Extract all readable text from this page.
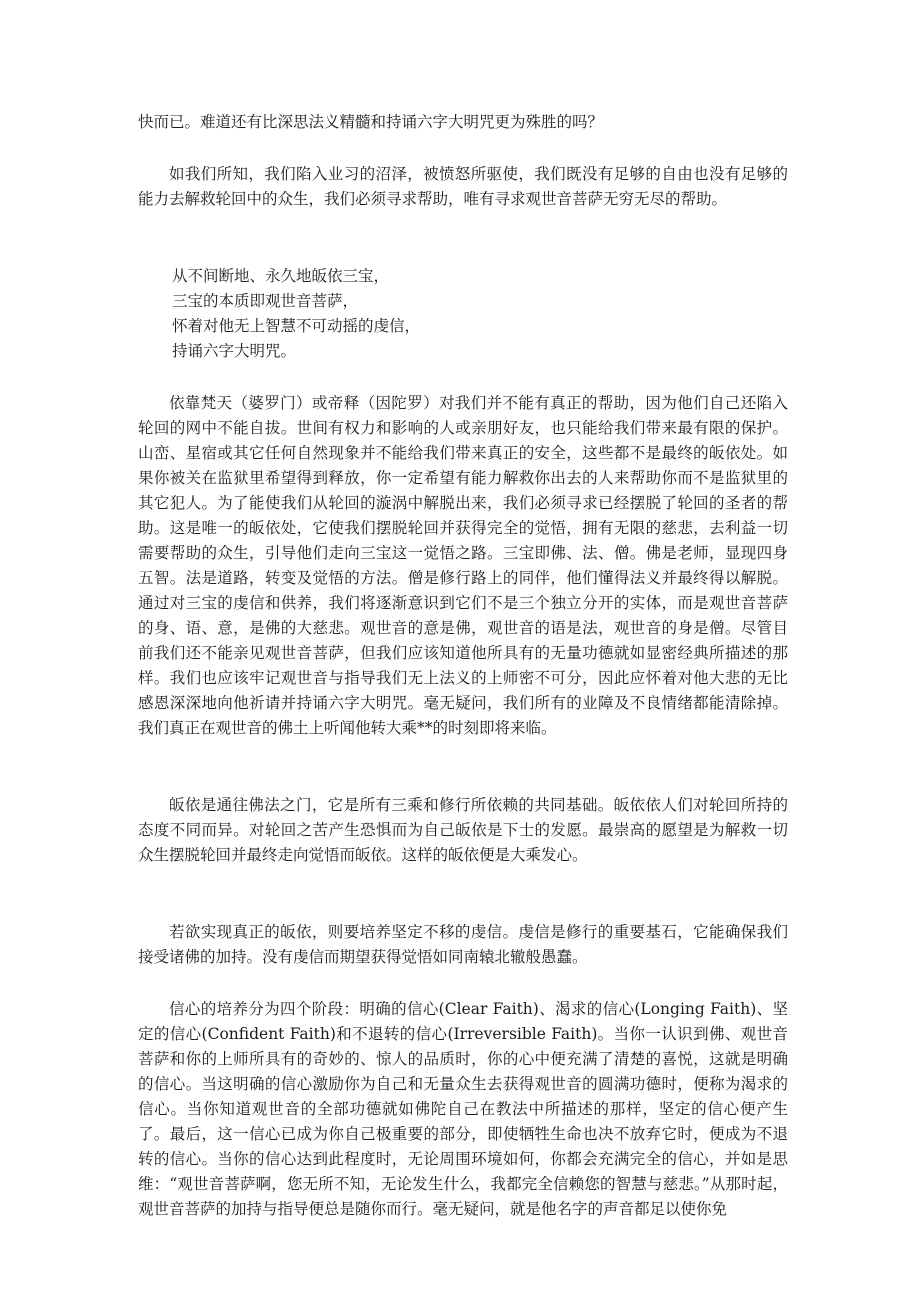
快而已。难道还有比深思法义精髓和持诵六字大明咒更为殊胜的吗？

如我们所知，我们陷入业习的沼泽，被愤怒所驱使，我们既没有足够的自由也没有足够的能力去解救轮回中的众生，我们必须寻求帮助，唯有寻求观世音菩萨无穷无尽的帮助。

从不间断地、永久地皈依三宝，
三宝的本质即观世音菩萨，
怀着对他无上智慧不可动摇的虔信，
持诵六字大明咒。

依靠梵天（婆罗门）或帝释（因陀罗）对我们并不能有真正的帮助，因为他们自己还陷入轮回的网中不能自拔。世间有权力和影响的人或亲朋好友，也只能给我们带来最有限的保护。山峦、星宿或其它任何自然现象并不能给我们带来真正的安全，这些都不是最终的皈依处。如果你被关在监狱里希望得到释放，你一定希望有能力解救你出去的人来帮助你而不是监狱里的其它犯人。为了能使我们从轮回的漩涡中解脱出来，我们必须寻求已经摆脱了轮回的圣者的帮助。这是唯一的皈依处，它使我们摆脱轮回并获得完全的觉悟，拥有无限的慈悲，去利益一切需要帮助的众生，引导他们走向三宝这一觉悟之路。三宝即佛、法、僧。佛是老师，显现四身五智。法是道路，转变及觉悟的方法。僧是修行路上的同伴，他们懂得法义并最终得以解脱。通过对三宝的虔信和供养，我们将逐渐意识到它们不是三个独立分开的实体，而是观世音菩萨的身、语、意，是佛的大慈悲。观世音的意是佛，观世音的语是法，观世音的身是僧。尽管目前我们还不能亲见观世音菩萨，但我们应该知道他所具有的无量功德就如显密经典所描述的那样。我们也应该牢记观世音与指导我们无上法义的上师密不可分，因此应怀着对他大悲的无比感恩深深地向他祈请并持诵六字大明咒。毫无疑问，我们所有的业障及不良情绪都能清除掉。我们真正在观世音的佛土上听闻他转大乘**的时刻即将来临。

皈依是通往佛法之门，它是所有三乘和修行所依赖的共同基础。皈依依人们对轮回所持的态度不同而异。对轮回之苦产生恐惧而为自己皈依是下士的发愿。最崇高的愿望是为解救一切众生摆脱轮回并最终走向觉悟而皈依。这样的皈依便是大乘发心。

若欲实现真正的皈依，则要培养坚定不移的虔信。虔信是修行的重要基石，它能确保我们接受诸佛的加持。没有虔信而期望获得觉悟如同南辕北辙般愚蠢。

信心的培养分为四个阶段：明确的信心(Clear Faith)、渴求的信心(Longing Faith)、坚定的信心(Confident Faith)和不退转的信心(Irreversible Faith)。当你一认识到佛、观世音菩萨和你的上师所具有的奇妙的、惊人的品质时，你的心中便充满了清楚的喜悦，这就是明确的信心。当这明确的信心激励你为自己和无量众生去获得观世音的圆满功德时，便称为渴求的信心。当你知道观世音的全部功德就如佛陀自己在教法中所描述的那样，坚定的信心便产生了。最后，这一信心已成为你自己极重要的部分，即使牺牲生命也决不放弃它时，便成为不退转的信心。当你的信心达到此程度时，无论周围环境如何，你都会充满完全的信心，并如是思维：“观世音菩萨啊，您无所不知，无论发生什么，我都完全信赖您的智慧与慈悲。”从那时起，观世音菩萨的加持与指导便总是随你而行。毫无疑问，就是他名字的声音都足以使你免
